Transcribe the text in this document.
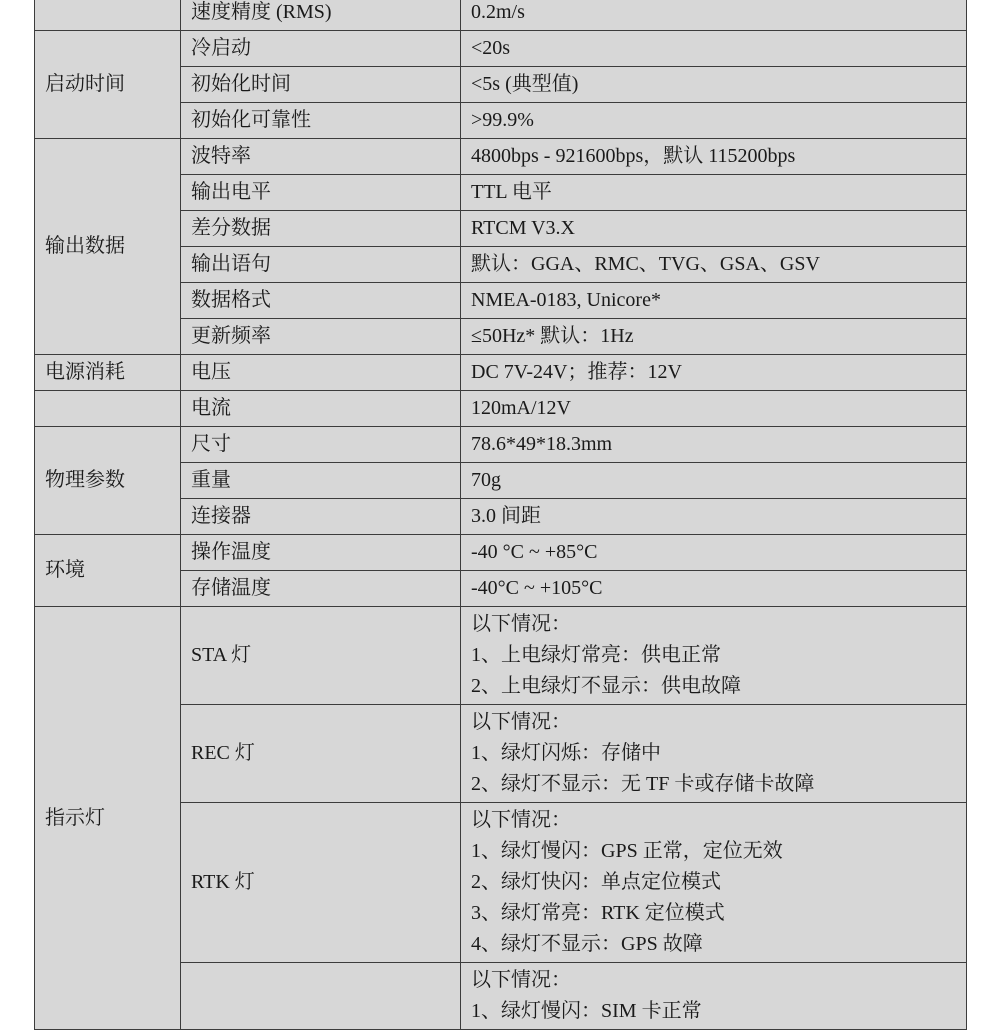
	速度精度 (RMS)	0.2m/s

启动时间	冷启动	<20s

	初始化时间	<5s (典型值)

	初始化可靠性	>99.9%

输出数据	波特率	4800bps - 921600bps，默认 115200bps

	输出电平	TTL 电平

	差分数据	RTCM V3.X

	输出语句	默认：GGA、RMC、TVG、GSA、GSV

	数据格式	NMEA-0183, Unicore*

	更新频率	≤50Hz* 默认：1Hz

电源消耗	电压	DC 7V-24V；推荐：12V

	电流	120mA/12V

物理参数	尺寸	78.6*49*18.3mm

	重量	70g

	连接器	3.0 间距

环境	操作温度	-40 °C ~ +85°C

	存储温度	-40°C ~ +105°C

指示灯	STA 灯	以下情况：
1、上电绿灯常亮：供电正常
2、上电绿灯不显示：供电故障

	REC 灯	以下情况：
1、绿灯闪烁：存储中
2、绿灯不显示：无 TF 卡或存储卡故障

	RTK 灯	以下情况：
1、绿灯慢闪：GPS 正常，定位无效
2、绿灯快闪：单点定位模式
3、绿灯常亮：RTK 定位模式
4、绿灯不显示：GPS 故障

		以下情况：
1、绿灯慢闪：SIM 卡正常
